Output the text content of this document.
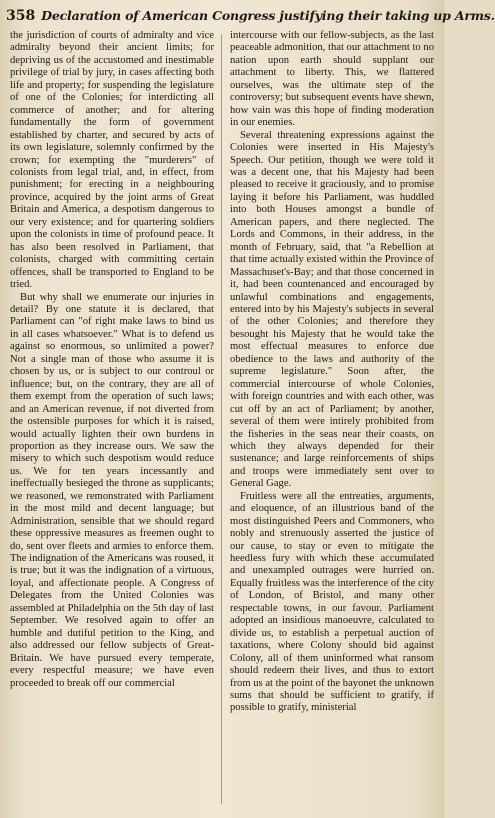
358 Declaration of American Congress justifying their taking up Arms.

the jurisdiction of courts of admiralty and vice admiralty beyond their ancient limits; for depriving us of the accustomed and inestimable privilege of trial by jury, in cases affecting both life and property; for suspending the legislature of one of the Colonies; for interdicting all commerce of another; and for altering fundamentally the form of government established by charter, and secured by acts of its own legislature, solemnly confirmed by the crown; for exempting the "murderers" of colonists from legal trial, and, in effect, from punishment; for erecting in a neighbouring province, acquired by the joint arms of Great Britain and America, a despotism dangerous to our very existence; and for quartering soldiers upon the colonists in time of profound peace. It has also been resolved in Parliament, that colonists, charged with committing certain offences, shall be transported to England to be tried.

But why shall we enumerate our injuries in detail? By one statute it is declared, that Parliament can "of right make laws to bind us in all cases whatsoever." What is to defend us against so enormous, so unlimited a power? Not a single man of those who assume it is chosen by us, or is subject to our controul or influence; but, on the contrary, they are all of them exempt from the operation of such laws; and an American revenue, if not diverted from the ostensible purposes for which it is raised, would actually lighten their own burdens in proportion as they increase ours. We saw the misery to which such despotism would reduce us. We for ten years incessantly and ineffectually besieged the throne as supplicants; we reasoned, we remonstrated with Parliament in the most mild and decent language; but Administration, sensible that we should regard these oppressive measures as freemen ought to do, sent over fleets and armies to enforce them. The indignation of the Americans was roused, it is true; but it was the indignation of a virtuous, loyal, and affectionate people. A Congress of Delegates from the United Colonies was assembled at Philadelphia on the 5th day of last September. We resolved again to offer an humble and dutiful petition to the King, and also addressed our fellow subjects of Great-Britain. We have pursued every temperate, every respectful measure; we have even proceeded to break off our commercial

intercourse with our fellow-subjects, as the last peaceable admonition, that our attachment to no nation upon earth should supplant our attachment to liberty. This, we flattered ourselves, was the ultimate step of the controversy; but subsequent events have shewn, how vain was this hope of finding moderation in our enemies.

Several threatening expressions against the Colonies were inserted in His Majesty's Speech. Our petition, though we were told it was a decent one, that his Majesty had been pleased to receive it graciously, and to promise laying it before his Parliament, was huddled into both Houses amongst a bundle of American papers, and there neglected. The Lords and Commons, in their address, in the month of February, said, that "a Rebellion at that time actually existed within the Province of Massachuset's-Bay; and that those concerned in it, had been countenanced and encouraged by unlawful combinations and engagements, entered into by his Majesty's subjects in several of the other Colonies; and therefore they besought his Majesty that he would take the most effectual measures to enforce due obedience to the laws and authority of the supreme legislature." Soon after, the commercial intercourse of whole Colonies, with foreign countries and with each other, was cut off by an act of Parliament; by another, several of them were intirely prohibited from the fisheries in the seas near their coasts, on which they always depended for their sustenance; and large reinforcements of ships and troops were immediately sent over to General Gage.

Fruitless were all the entreaties, arguments, and eloquence, of an illustrious band of the most distinguished Peers and Commoners, who nobly and strenuously asserted the justice of our cause, to stay or even to mitigate the heedless fury with which these accumulated and unexampled outrages were hurried on. Equally fruitless was the interference of the city of London, of Bristol, and many other respectable towns, in our favour. Parliament adopted an insidious manoeuvre, calculated to divide us, to establish a perpetual auction of taxations, where Colony should bid against Colony, all of them uninformed what ransom should redeem their lives, and thus to extort from us at the point of the bayonet the unknown sums that should be sufficient to gratify, if possible to gratify, ministerial
